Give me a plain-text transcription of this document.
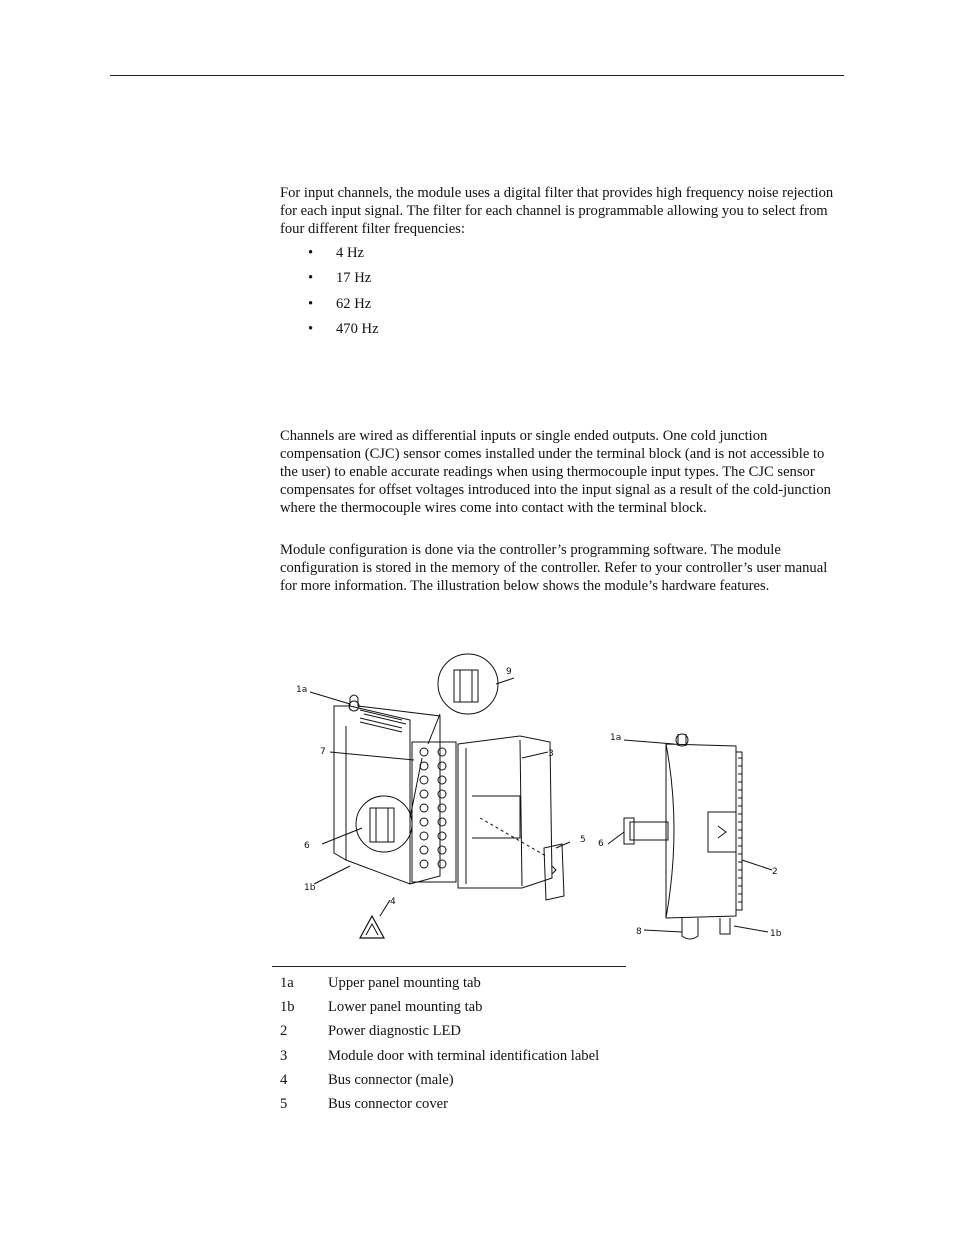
For input channels, the module uses a digital filter that provides high frequency noise rejection for each input signal. The filter for each channel is programmable allowing you to select from four different filter frequencies:

• 4 Hz
• 17 Hz
• 62 Hz
• 470 Hz

Channels are wired as differential inputs or single ended outputs. One cold junction compensation (CJC) sensor comes installed under the terminal block (and is not accessible to the user) to enable accurate readings when using thermocouple input types. The CJC sensor compensates for offset voltages introduced into the input signal as a result of the cold-junction where the thermocouple wires come into contact with the terminal block.

Module configuration is done via the controller’s programming software. The module configuration is stored in the memory of the controller. Refer to your controller’s user manual for more information. The illustration below shows the module’s hardware features.

1a
9
7	3
6
5
1b
4
1a
6
2
8	1b
1a Upper panel mounting tab
1b Lower panel mounting tab
2	Power diagnostic LED
3	Module door with terminal identification label
4	Bus connector (male)
5	Bus connector cover
